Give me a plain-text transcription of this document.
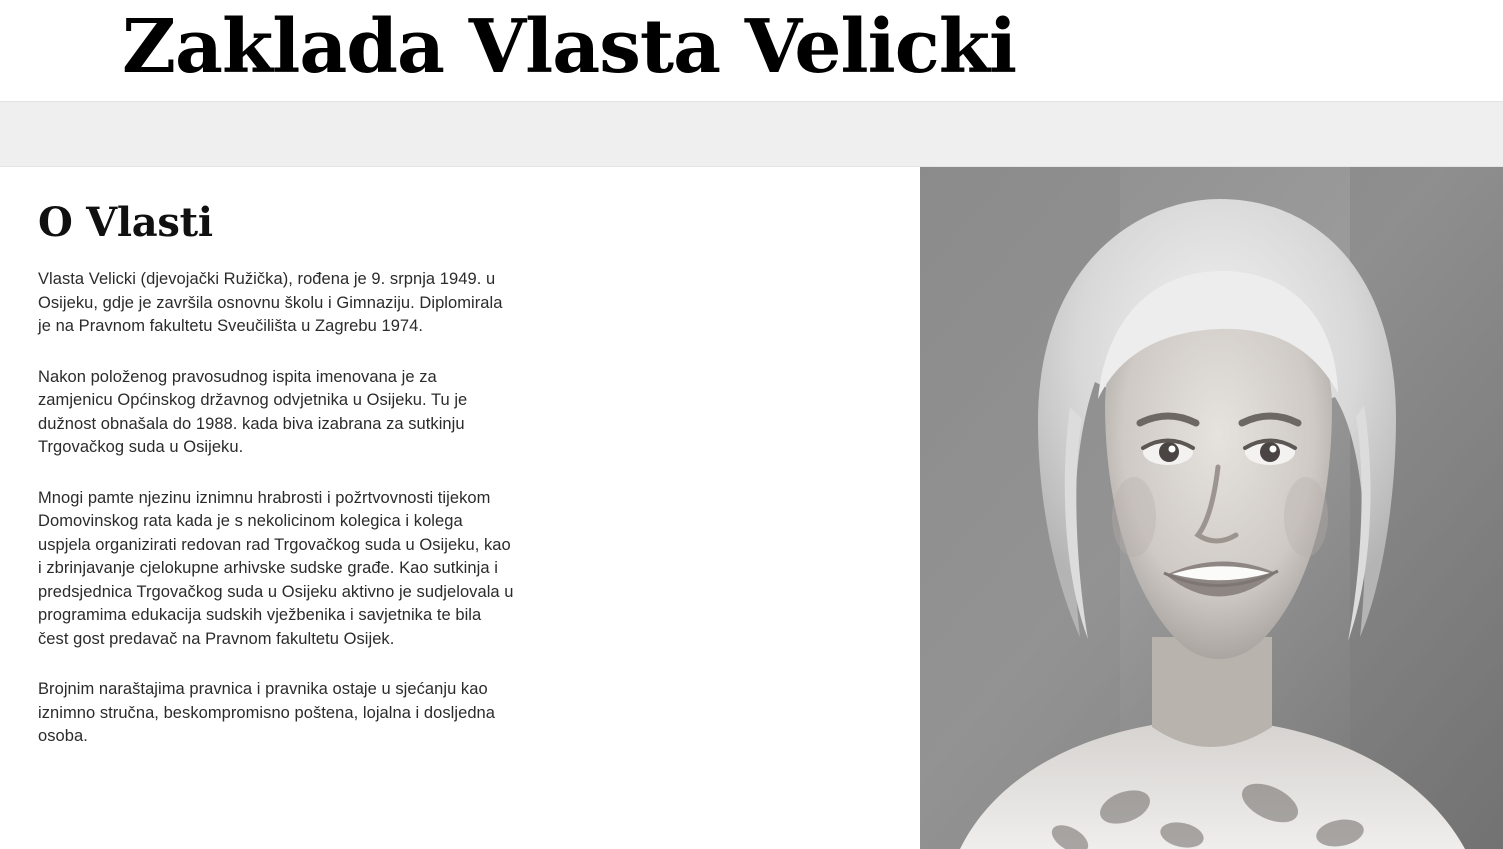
Zaklada Vlasta Velicki
O Vlasti

Vlasta Velicki (djevojački Ružička), rođena je 9. srpnja 1949. u Osijeku, gdje je završila osnovnu školu i Gimnaziju. Diplomirala je na Pravnom fakultetu Sveučilišta u Zagrebu 1974.

Nakon položenog pravosudnog ispita imenovana je za zamjenicu Općinskog državnog odvjetnika u Osijeku. Tu je dužnost obnašala do 1988. kada biva izabrana za sutkinju Trgovačkog suda u Osijeku.

Mnogi pamte njezinu iznimnu hrabrosti i požrtvovnosti tijekom Domovinskog rata kada je s nekolicinom kolegica i kolega uspjela organizirati redovan rad Trgovačkog suda u Osijeku, kao i zbrinjavanje cjelokupne arhivske sudske građe. Kao sutkinja i predsjednica Trgovačkog suda u Osijeku aktivno je sudjelovala u programima edukacija sudskih vježbenika i savjetnika te bila čest gost predavač na Pravnom fakultetu Osijek.

Brojnim naraštajima pravnica i pravnika ostaje u sjećanju kao iznimno stručna, beskompromisno poštena, lojalna i dosljedna osoba.
